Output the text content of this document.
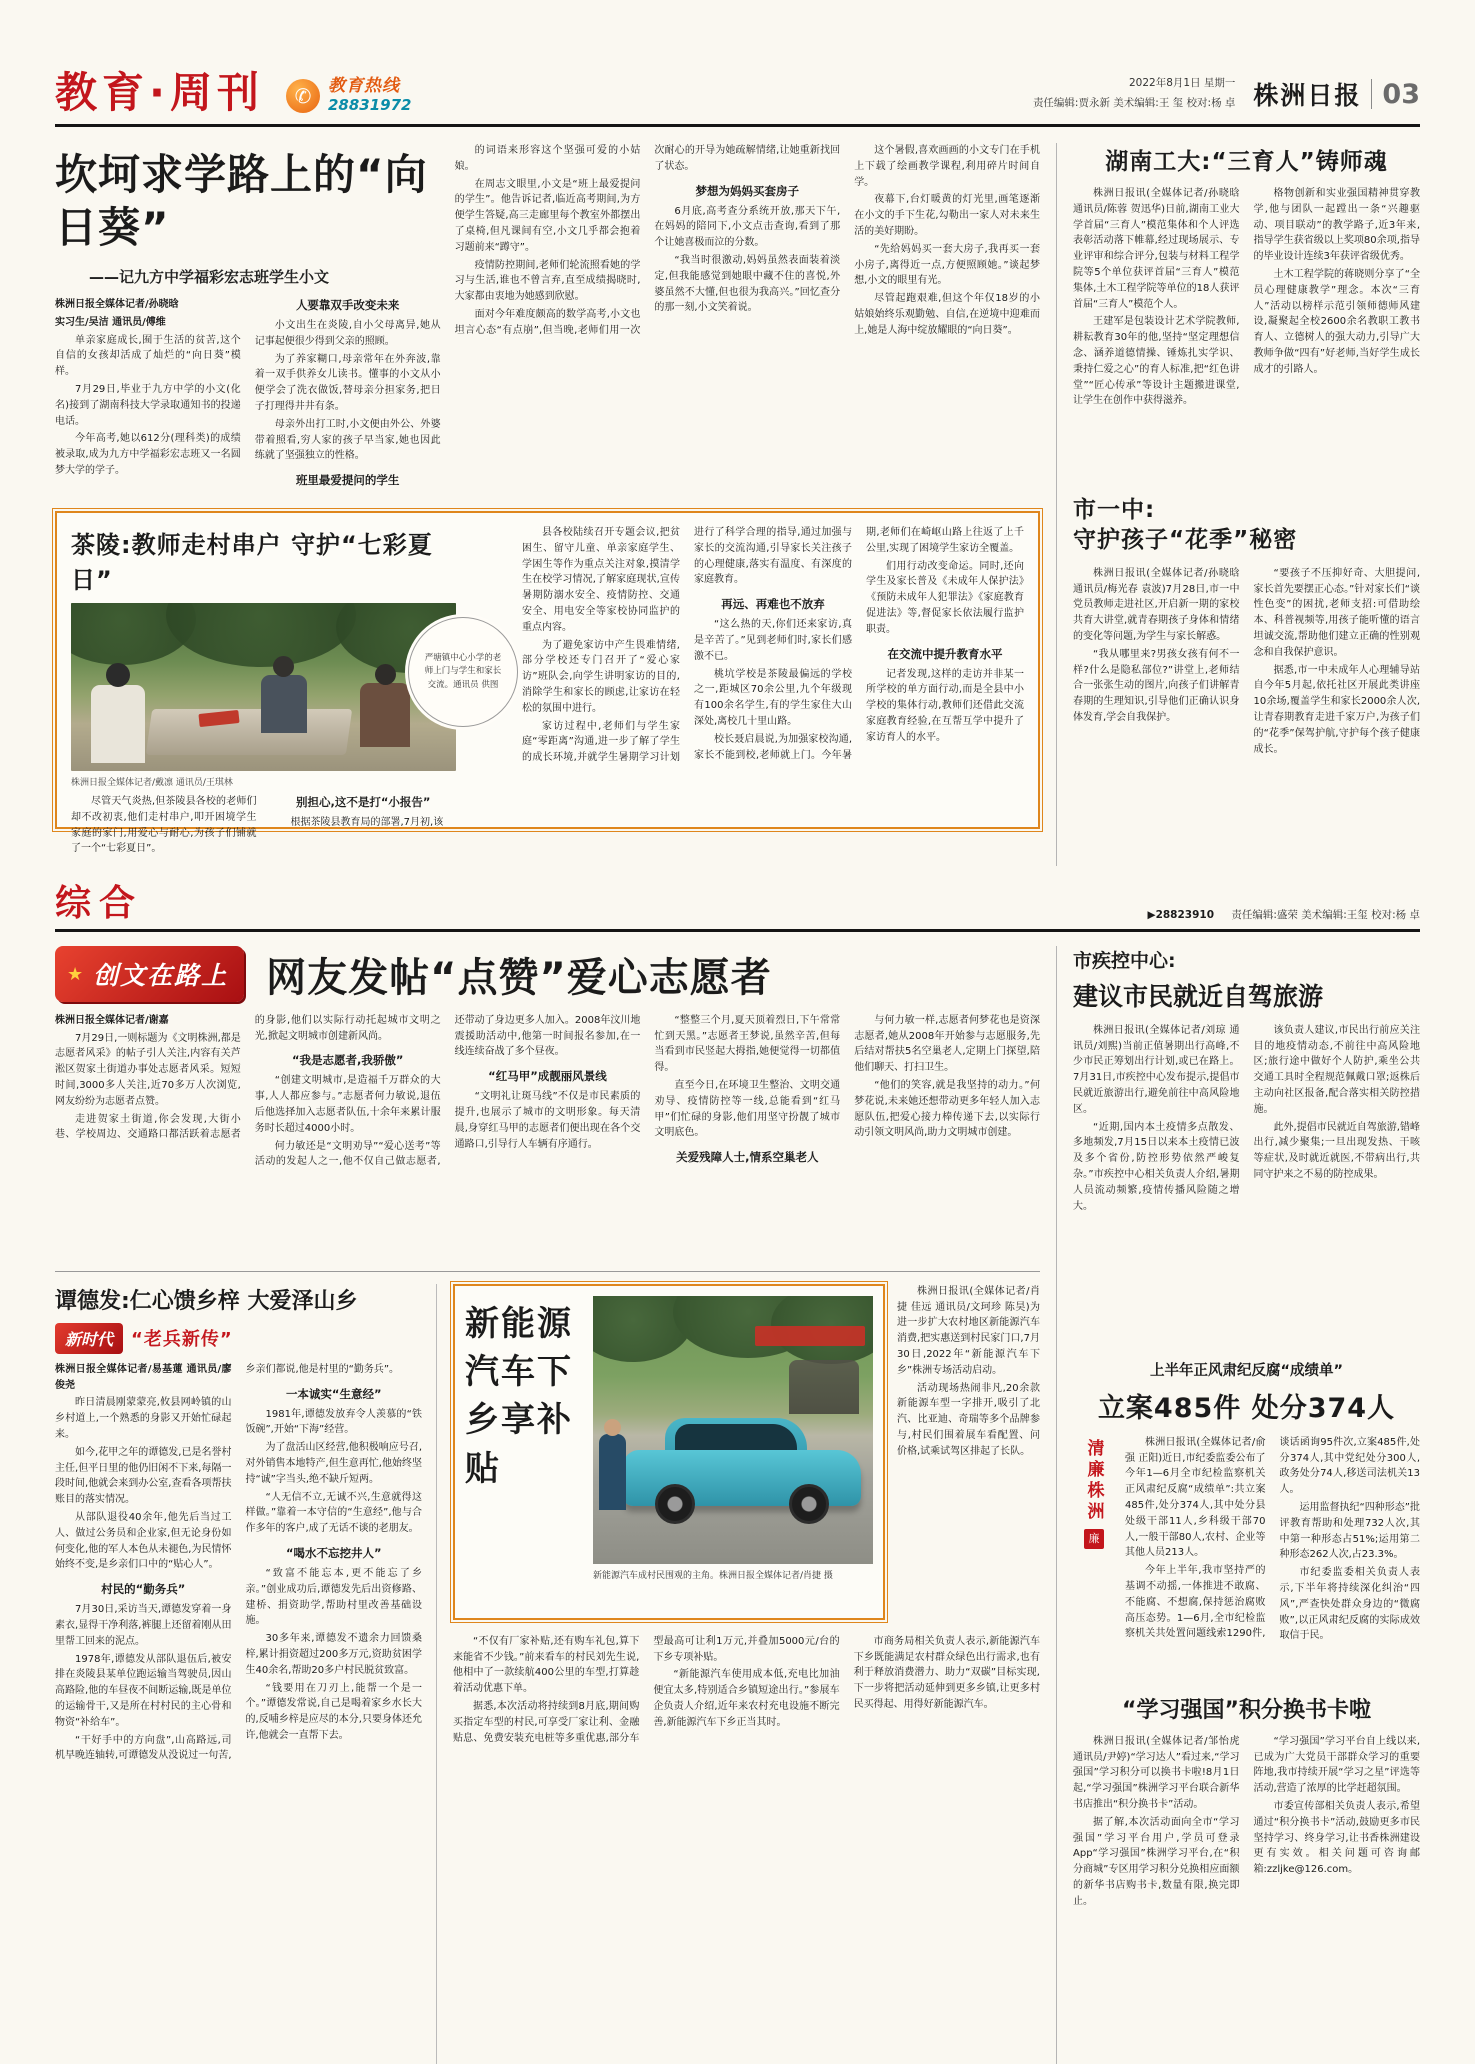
教育·周刊	✆ 教育热线
28831972
2022年8月1日 星期一
责任编辑:贾永新 美术编辑:王 玺 校对:杨 卓 株洲日报 03
坎坷求学路上的“向日葵”
——记九方中学福彩宏志班学生小文

株洲日报全媒体记者/孙晓晗

实习生/吴洁 通讯员/傅维

单亲家庭成长,囿于生活的贫苦,这个自信的女孩却活成了灿烂的“向日葵”模样。

7月29日,毕业于九方中学的小文(化名)接到了湖南科技大学录取通知书的投递电话。

今年高考,她以612分(理科类)的成绩被录取,成为九方中学福彩宏志班又一名圆梦大学的学子。

人要靠双手改变未来

小文出生在炎陵,自小父母离异,她从记事起便很少得到父亲的照顾。

为了养家糊口,母亲常年在外奔波,靠着一双手供养女儿读书。懂事的小文从小便学会了洗衣做饭,替母亲分担家务,把日子打理得井井有条。

母亲外出打工时,小文便由外公、外婆带着照看,穷人家的孩子早当家,她也因此练就了坚强独立的性格。

班里最爱提问的学生

的词语来形容这个坚强可爱的小姑娘。

在周志文眼里,小文是“班上最爱提问的学生”。他告诉记者,临近高考期间,为方便学生答疑,高三走廊里每个教室外都摆出了桌椅,但凡课间有空,小文几乎都会抱着习题前来“蹲守”。

疫情防控期间,老师们轮流照看她的学习与生活,谁也不曾言弃,直至成绩揭晓时,大家都由衷地为她感到欣慰。

面对今年难度颇高的数学高考,小文也坦言心态“有点崩”,但当晚,老师们用一次次耐心的开导为她疏解情绪,让她重新找回了状态。

梦想为妈妈买套房子

6月底,高考查分系统开放,那天下午,在妈妈的陪同下,小文点击查询,看到了那个让她喜极而泣的分数。

“我当时很激动,妈妈虽然表面装着淡定,但我能感觉到她眼中藏不住的喜悦,外婆虽然不大懂,但也很为我高兴。”回忆查分的那一刻,小文笑着说。

这个暑假,喜欢画画的小文专门在手机上下载了绘画教学课程,利用碎片时间自学。

夜幕下,台灯暖黄的灯光里,画笔逐渐在小文的手下生花,勾勒出一家人对未来生活的美好期盼。

“先给妈妈买一套大房子,我再买一套小房子,离得近一点,方便照顾她。”谈起梦想,小文的眼里有光。

尽管起跑艰难,但这个年仅18岁的小姑娘始终乐观勤勉、自信,在逆境中迎难而上,她是人海中绽放耀眼的“向日葵”。

茶陵:教师走村串户 守护“七彩夏日”
株洲日报全媒体记者/戴凛 通讯员/王琪林

尽管天气炎热,但茶陵县各校的老师们却不改初衷,他们走村串户,叩开困境学生家庭的家门,用爱心与耐心,为孩子们铺就了一个“七彩夏日”。

别担心,这不是打“小报告”

根据茶陵县教育局的部署,7月初,该

严塘镇中心小学的老师上门与学生和家长交流。通讯员 供图

县各校陆续召开专题会议,把贫困生、留守儿童、单亲家庭学生、学困生等作为重点关注对象,摸清学生在校学习情况,了解家庭现状,宣传暑期防溺水安全、疫情防控、交通安全、用电安全等家校协同监护的重点内容。

为了避免家访中产生畏难情绪,部分学校还专门召开了“爱心家访”班队会,向学生讲明家访的目的,消除学生和家长的顾虑,让家访在轻松的氛围中进行。

家访过程中,老师们与学生家庭“零距离”沟通,进一步了解了学生的成长环境,并就学生暑期学习计划进行了科学合理的指导,通过加强与家长的交流沟通,引导家长关注孩子的心理健康,落实有温度、有深度的家庭教育。

再远、再难也不放弃

“这么热的天,你们还来家访,真是辛苦了。”见到老师们时,家长们感激不已。

桃坑学校是茶陵最偏远的学校之一,距城区70余公里,九个年级现有100余名学生,有的学生家住大山深处,离校几十里山路。

校长聂启晨说,为加强家校沟通,家长不能到校,老师就上门。今年暑期,老师们在崎岖山路上往返了上千公里,实现了困境学生家访全覆盖。

们用行动改变命运。同时,还向学生及家长普及《未成年人保护法》《预防未成年人犯罪法》《家庭教育促进法》等,督促家长依法履行监护职责。

在交流中提升教育水平

记者发现,这样的走访并非某一所学校的单方面行动,而是全县中小学校的集体行动,教师们还借此交流家庭教育经验,在互帮互学中提升了家访育人的水平。

湖南工大:“三育人”铸师魂

株洲日报讯(全媒体记者/孙晓晗 通讯员/陈蓉 贺迅华)日前,湖南工业大学首届“三育人”模范集体和个人评选表彰活动落下帷幕,经过现场展示、专业评审和综合评分,包装与材料工程学院等5个单位获评首届“三育人”模范集体,土木工程学院等单位的18人获评首届“三育人”模范个人。

王建军是包装设计艺术学院教师,耕耘教育30年的他,坚持“坚定理想信念、涵养道德情操、锤炼扎实学识、秉持仁爱之心”的育人标准,把“红色讲堂”“匠心传承”等设计主题搬进课堂,让学生在创作中获得滋养。

格物创新和实业强国精神贯穿教学,他与团队一起蹚出一条“兴趣驱动、项目联动”的教学路子,近3年来,指导学生获省级以上奖项80余项,指导的毕业设计连续3年获评省级优秀。

土木工程学院的蒋晓则分享了“全员心理健康教学”理念。本次“三育人”活动以榜样示范引领师德师风建设,凝聚起全校2600余名教职工教书育人、立德树人的强大动力,引导广大教师争做“四有”好老师,当好学生成长成才的引路人。

市一中:
守护孩子“花季”秘密

株洲日报讯(全媒体记者/孙晓晗 通讯员/梅光春 袁波)7月28日,市一中党员教师走进社区,开启新一期的家校共育大讲堂,就青春期孩子身体和情绪的变化等问题,为学生与家长解惑。

“我从哪里来?男孩女孩有何不一样?什么是隐私部位?”讲堂上,老师结合一张张生动的图片,向孩子们讲解青春期的生理知识,引导他们正确认识身体发育,学会自我保护。

“要孩子不压抑好奇、大胆提问,家长首先要摆正心态。”针对家长们“谈性色变”的困扰,老师支招:可借助绘本、科普视频等,用孩子能听懂的语言坦诚交流,帮助他们建立正确的性别观念和自我保护意识。

据悉,市一中未成年人心理辅导站自今年5月起,依托社区开展此类讲座10余场,覆盖学生和家长2000余人次,让青春期教育走进千家万户,为孩子们的“花季”保驾护航,守护每个孩子健康成长。

综合	▶28823910 责任编辑:盛荣 美术编辑:王玺 校对:杨 卓
★ 创文在路上 网友发帖“点赞”爱心志愿者

株洲日报全媒体记者/谢嘉

7月29日,一则标题为《文明株洲,都是志愿者风采》的帖子引人关注,内容有关芦淞区贺家土街道办事处志愿者风采。短短时间,3000多人关注,近70多万人次浏览,网友纷纷为志愿者点赞。

走进贺家土街道,你会发现,大街小巷、学校周边、交通路口都活跃着志愿者的身影,他们以实际行动托起城市文明之光,掀起文明城市创建新风尚。

“我是志愿者,我骄傲”

“创建文明城市,是造福千万群众的大事,人人都应参与。”志愿者何力敏说,退伍后他选择加入志愿者队伍,十余年来累计服务时长超过4000小时。

何力敏还是“文明劝导”“爱心送考”等活动的发起人之一,他不仅自己做志愿者,还带动了身边更多人加入。2008年汶川地震援助活动中,他第一时间报名参加,在一线连续奋战了多个昼夜。

“红马甲”成靓丽风景线

“文明礼让斑马线”不仅是市民素质的提升,也展示了城市的文明形象。每天清晨,身穿红马甲的志愿者们便出现在各个交通路口,引导行人车辆有序通行。

“整整三个月,夏天顶着烈日,下午常常忙到天黑。”志愿者王梦说,虽然辛苦,但每当看到市民竖起大拇指,她便觉得一切都值得。

直至今日,在环境卫生整治、文明交通劝导、疫情防控等一线,总能看到“红马甲”们忙碌的身影,他们用坚守扮靓了城市文明底色。

关爱残障人士,情系空巢老人

与何力敏一样,志愿者何梦花也是资深志愿者,她从2008年开始参与志愿服务,先后结对帮扶5名空巢老人,定期上门探望,陪他们聊天、打扫卫生。

“他们的笑容,就是我坚持的动力。”何梦花说,未来她还想带动更多年轻人加入志愿队伍,把爱心接力棒传递下去,以实际行动引领文明风尚,助力文明城市创建。

谭德发:仁心馈乡梓 大爱泽山乡
新时代	“老兵新传”

株洲日报全媒体记者/易基蓮 通讯员/廖俊尧

昨日清晨刚蒙蒙亮,攸县网岭镇的山乡村道上,一个熟悉的身影又开始忙碌起来。

如今,花甲之年的谭德发,已是名誉村主任,但平日里的他仍旧闲不下来,每隔一段时间,他就会来到办公室,查看各项帮扶账目的落实情况。

从部队退役40余年,他先后当过工人、做过公务员和企业家,但无论身份如何变化,他的军人本色从未褪色,为民情怀始终不变,是乡亲们口中的“贴心人”。

村民的“勤务兵”

7月30日,采访当天,谭德发穿着一身素衣,显得干净利落,裤腿上还留着刚从田里帮工回来的泥点。

1978年,谭德发从部队退伍后,被安排在炎陵县某单位跑运输当驾驶员,因山高路险,他的车昼夜不间断运输,既是单位的运输骨干,又是所在村村民的主心骨和物资“补给车”。

“干好手中的方向盘”,山高路远,司机早晚连轴转,可谭德发从没说过一句苦,乡亲们都说,他是村里的“勤务兵”。

一本诚实“生意经”

1981年,谭德发放弃令人羡慕的“铁饭碗”,开始“下海”经营。

为了盘活山区经营,他积极响应号召,对外销售本地特产,但生意再忙,他始终坚持“诚”字当头,绝不缺斤短两。

“人无信不立,无诚不兴,生意就得这样做。”靠着一本守信的“生意经”,他与合作多年的客户,成了无话不谈的老朋友。

“喝水不忘挖井人”

“致富不能忘本,更不能忘了乡亲。”创业成功后,谭德发先后出资修路、建桥、捐资助学,帮助村里改善基础设施。

30多年来,谭德发不遗余力回馈桑梓,累计捐资超过200多万元,资助贫困学生40余名,帮助20多户村民脱贫致富。

“钱要用在刀刃上,能帮一个是一个。”谭德发常说,自己是喝着家乡水长大的,反哺乡梓是应尽的本分,只要身体还允许,他就会一直帮下去。

新能源汽车下乡享补贴
新能源汽车成村民围观的主角。株洲日报全媒体记者/肖捷 摄

株洲日报讯(全媒体记者/肖捷 佳远 通讯员/文珂珍 陈昊)为进一步扩大农村地区新能源汽车消费,把实惠送到村民家门口,7月30日,2022年“新能源汽车下乡”株洲专场活动启动。

活动现场热闹非凡,20余款新能源车型一字排开,吸引了北汽、比亚迪、奇瑞等多个品牌参与,村民们围着展车看配置、问价格,试乘试驾区排起了长队。

“不仅有厂家补贴,还有购车礼包,算下来能省不少钱。”前来看车的村民刘先生说,他相中了一款续航400公里的车型,打算趁着活动优惠下单。

据悉,本次活动将持续到8月底,期间购买指定车型的村民,可享受厂家让利、金融贴息、免费安装充电桩等多重优惠,部分车型最高可让利1万元,并叠加5000元/台的下乡专项补贴。

“新能源汽车使用成本低,充电比加油便宜太多,特别适合乡镇短途出行。”参展车企负责人介绍,近年来农村充电设施不断完善,新能源汽车下乡正当其时。

市商务局相关负责人表示,新能源汽车下乡既能满足农村群众绿色出行需求,也有利于释放消费潜力、助力“双碳”目标实现,下一步将把活动延伸到更多乡镇,让更多村民买得起、用得好新能源汽车。

市疾控中心:
建议市民就近自驾旅游

株洲日报讯(全媒体记者/刘琼 通讯员/刘熙)当前正值暑期出行高峰,不少市民正筹划出行计划,或已在路上。7月31日,市疾控中心发布提示,提倡市民就近旅游出行,避免前往中高风险地区。

“近期,国内本土疫情多点散发、多地频发,7月15日以来本土疫情已波及多个省份,防控形势依然严峻复杂。”市疾控中心相关负责人介绍,暑期人员流动频繁,疫情传播风险随之增大。

该负责人建议,市民出行前应关注目的地疫情动态,不前往中高风险地区;旅行途中做好个人防护,乘坐公共交通工具时全程规范佩戴口罩;返株后主动向社区报备,配合落实相关防控措施。

此外,提倡市民就近自驾旅游,错峰出行,减少聚集;一旦出现发热、干咳等症状,及时就近就医,不带病出行,共同守护来之不易的防控成果。

上半年正风肃纪反腐“成绩单”
立案485件 处分374人
清廉株洲
廉

株洲日报讯(全媒体记者/俞强 正阳)近日,市纪委监委公布了今年1—6月全市纪检监察机关正风肃纪反腐“成绩单”:共立案485件,处分374人,其中处分县处级干部11人,乡科级干部70人,一般干部80人,农村、企业等其他人员213人。

今年上半年,我市坚持严的基调不动摇,一体推进不敢腐、不能腐、不想腐,保持惩治腐败高压态势。1—6月,全市纪检监察机关共处置问题线索1290件,谈话函询95件次,立案485件,处分374人,其中党纪处分300人,政务处分74人,移送司法机关13人。

运用监督执纪“四种形态”批评教育帮助和处理732人次,其中第一种形态占51%;运用第二种形态262人次,占23.3%。

市纪委监委相关负责人表示,下半年将持续深化纠治“四风”,严查快处群众身边的“微腐败”,以正风肃纪反腐的实际成效取信于民。

“学习强国”积分换书卡啦

株洲日报讯(全媒体记者/邹怡虎 通讯员/尹婷)“学习达人”看过来,“学习强国”学习积分可以换书卡啦!8月1日起,“学习强国”株洲学习平台联合新华书店推出“积分换书卡”活动。

据了解,本次活动面向全市“学习强国”学习平台用户,学员可登录App“学习强国”株洲学习平台,在“积分商城”专区用学习积分兑换相应面额的新华书店购书卡,数量有限,换完即止。

“学习强国”学习平台自上线以来,已成为广大党员干部群众学习的重要阵地,我市持续开展“学习之星”评选等活动,营造了浓厚的比学赶超氛围。

市委宣传部相关负责人表示,希望通过“积分换书卡”活动,鼓励更多市民坚持学习、终身学习,让书香株洲建设更有实效。相关问题可咨询邮箱:zzljke@126.com。
